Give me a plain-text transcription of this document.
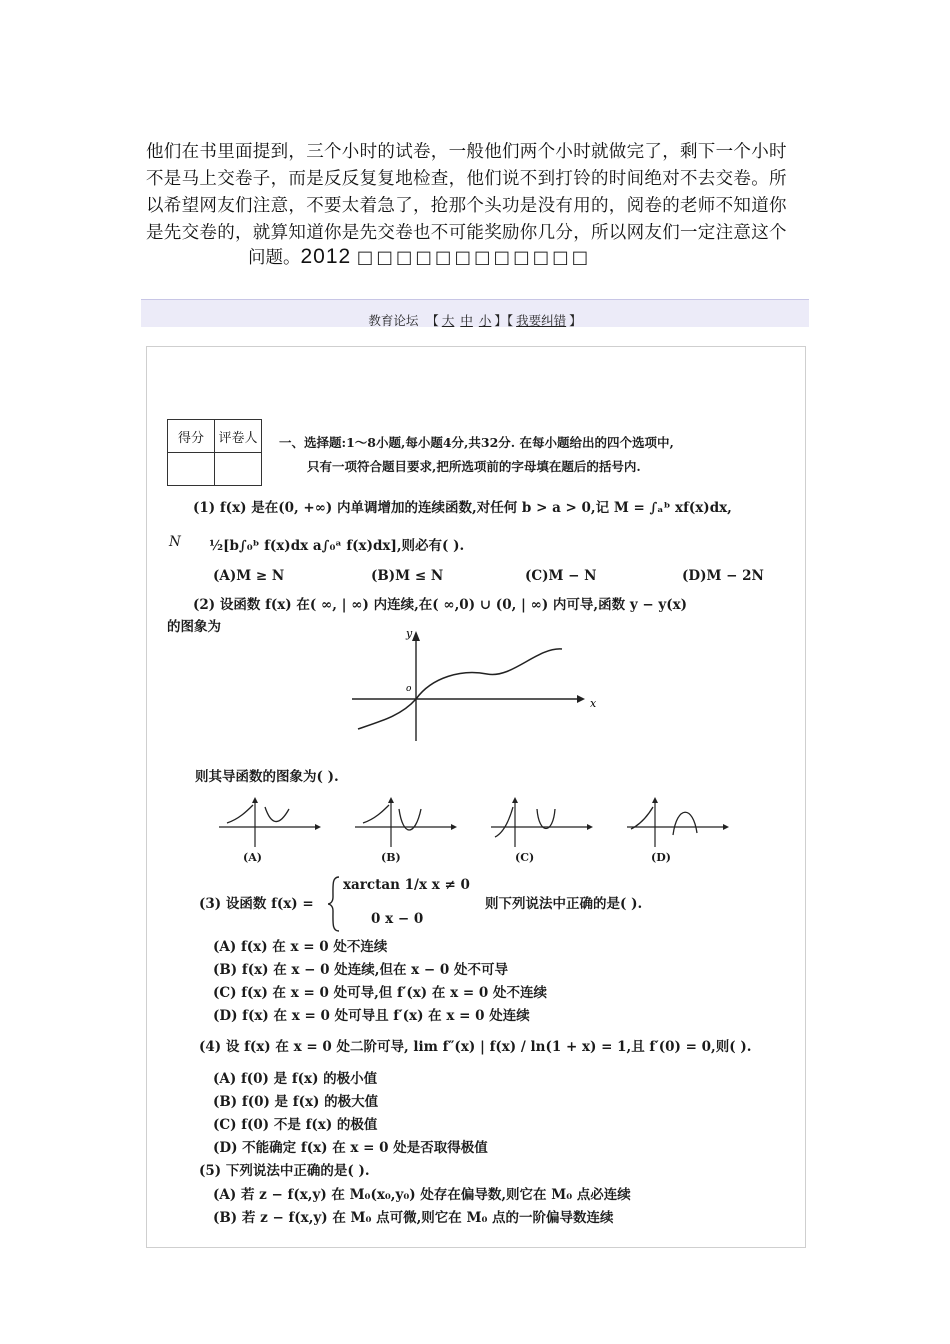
他们在书里面提到，三个小时的试卷，一般他们两个小时就做完了，剩下一个小时
不是马上交卷子，而是反反复复地检查，他们说不到打铃的时间绝对不去交卷。所
以希望网友们注意，不要太着急了，抢那个头功是没有用的，阅卷的老师不知道你
是先交卷的，就算知道你是先交卷也不可能奖励你几分，所以网友们一定注意这个
问题。2012 □□□□□□□□□□□□
教育论坛 【 大 中 小 】【 我要纠错 】
得分	评卷人
	一、选择题:1～8小题,每小题4分,共32分. 在每小题给出的四个选项中,
只有一项符合题目要求,把所选项前的字母填在题后的括号内.
(1) f(x) 是在(0, +∞) 内单调增加的连续函数,对任何 b > a > 0,记 M = ∫ₐᵇ xf(x)dx,
N ½[b∫₀ᵇ f(x)dx a∫₀ᵃ f(x)dx],则必有( ).
(A)M ≥ N	(B)M ≤ N	(C)M − N	(D)M − 2N
(2) 设函数 f(x) 在( ∞, | ∞) 内连续,在( ∞,0) ∪ (0, | ∞) 内可导,函数 y − y(x)
的图象为	y
x
o
则其导函数的图象为( ).
(A)	(B)	(C)	(D)
(3) 设函数 f(x) =
xarctan 1/x x ≠ 0
0 x − 0
则下列说法中正确的是( ).
(A) f(x) 在 x = 0 处不连续
(B) f(x) 在 x − 0 处连续,但在 x − 0 处不可导
(C) f(x) 在 x = 0 处可导,但 f′(x) 在 x = 0 处不连续
(D) f(x) 在 x = 0 处可导且 f′(x) 在 x = 0 处连续
(4) 设 f(x) 在 x = 0 处二阶可导, lim f″(x) | f(x) / ln(1 + x) = 1,且 f′(0) = 0,则( ).
(A) f(0) 是 f(x) 的极小值
(B) f(0) 是 f(x) 的极大值
(C) f(0) 不是 f(x) 的极值
(D) 不能确定 f(x) 在 x = 0 处是否取得极值
(5) 下列说法中正确的是( ).
(A) 若 z − f(x,y) 在 M₀(x₀,y₀) 处存在偏导数,则它在 M₀ 点必连续
(B) 若 z − f(x,y) 在 M₀ 点可微,则它在 M₀ 点的一阶偏导数连续
